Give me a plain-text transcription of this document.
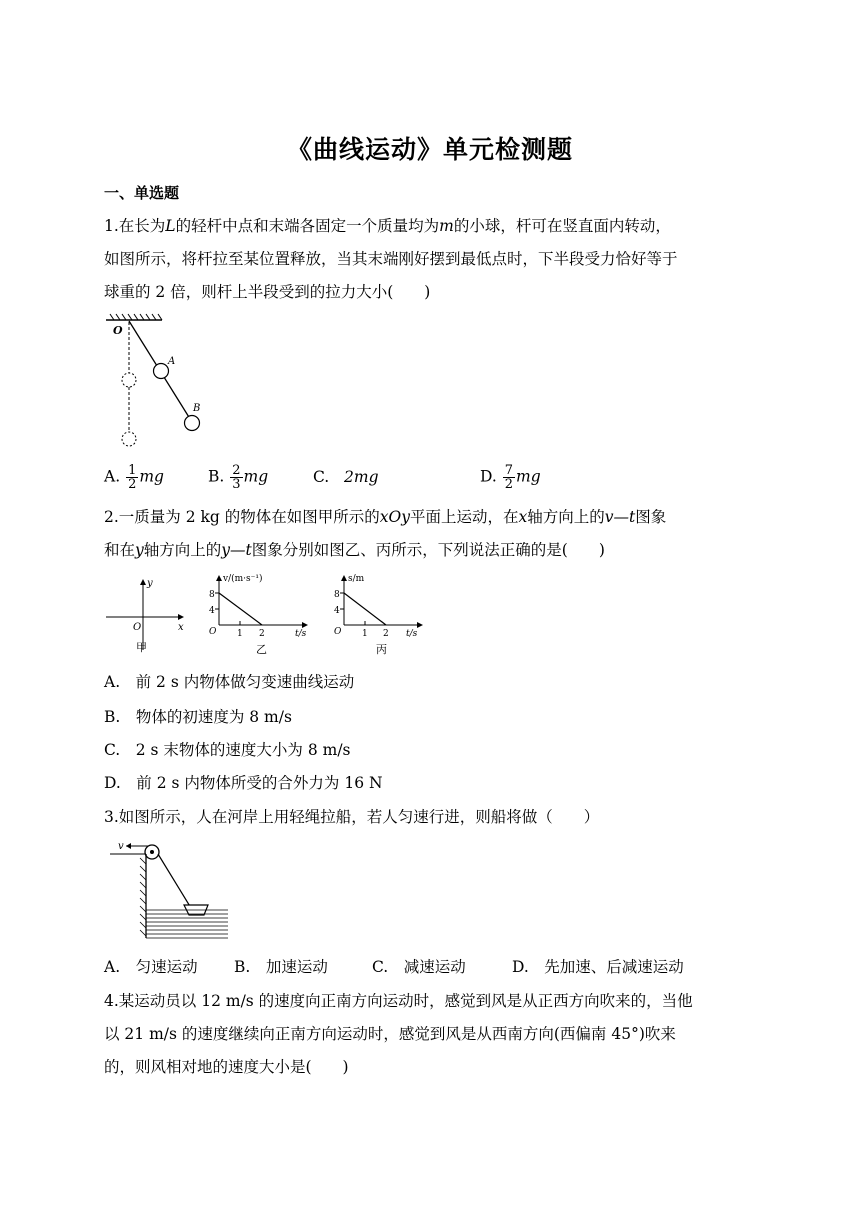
《曲线运动》单元检测题
一、单选题
1.在长为L的轻杆中点和末端各固定一个质量均为m的小球，杆可在竖直面内转动，
如图所示，将杆拉至某位置释放，当其末端刚好摆到最低点时，下半段受力恰好等于
球重的 2 倍，则杆上半段受到的拉力大小(　　)
O
A
B
A. $\frac{1}{2}$ mg	B. $\frac{2}{3}$ mg	C. 2mg	D. $\frac{7}{2}$ mg
2.一质量为 2 kg 的物体在如图甲所示的xOy平面上运动，在x轴方向上的v—t图象
和在y轴方向上的y—t图象分别如图乙、丙所示，下列说法正确的是(　　)
y
x
O
甲
v/(m·s⁻¹)
8
4
O 1 2	t/s
乙
s/m
8
4
O 1 2 t/s
丙
A.　前 2 s 内物体做匀变速曲线运动
B.　物体的初速度为 8 m/s
C.　2 s 末物体的速度大小为 8 m/s
D.　前 2 s 内物体所受的合外力为 16 N
3.如图所示，人在河岸上用轻绳拉船，若人匀速行进，则船将做（　　）
v
A.　匀速运动 B.　加速运动	C.　减速运动	D.　先加速、后减速运动
4.某运动员以 12 m/s 的速度向正南方向运动时，感觉到风是从正西方向吹来的，当他
以 21 m/s 的速度继续向正南方向运动时，感觉到风是从西南方向(西偏南 45°)吹来
的，则风相对地的速度大小是(　　)
